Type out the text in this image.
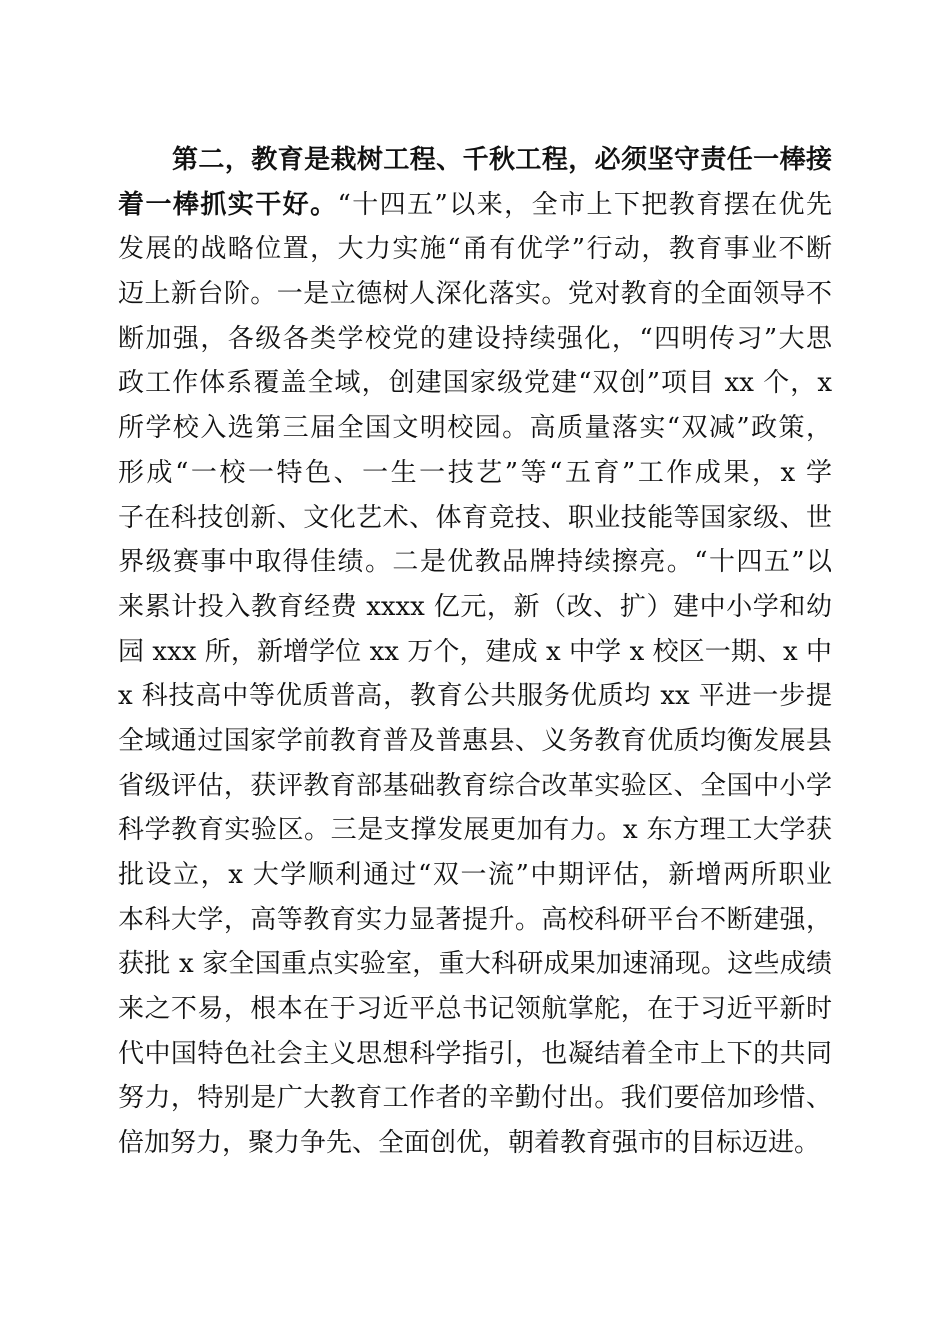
第二，教育是栽树工程、千秋工程，必须坚守责任一棒接
着一棒抓实干好。“十四五”以来，全市上下把教育摆在优先
发展的战略位置，大力实施“甬有优学”行动，教育事业不断
迈上新台阶。一是立德树人深化落实。党对教育的全面领导不
断加强，各级各类学校党的建设持续强化，“四明传习”大思
政工作体系覆盖全域，创建国家级党建“双创”项目 xx 个，x
所学校入选第三届全国文明校园。高质量落实“双减”政策，
形成“一校一特色、一生一技艺”等“五育”工作成果，x 学
子在科技创新、文化艺术、体育竞技、职业技能等国家级、世
界级赛事中取得佳绩。二是优教品牌持续擦亮。“十四五”以
来累计投入教育经费 xxxx 亿元，新（改、扩）建中小学和幼
园 xxx 所，新增学位 xx 万个，建成 x 中学 x 校区一期、x 中
x 科技高中等优质普高，教育公共服务优质均 xx 平进一步提
全域通过国家学前教育普及普惠县、义务教育优质均衡发展县
省级评估，获评教育部基础教育综合改革实验区、全国中小学
科学教育实验区。三是支撑发展更加有力。x 东方理工大学获
批设立，x 大学顺利通过“双一流”中期评估，新增两所职业
本科大学，高等教育实力显著提升。高校科研平台不断建强，
获批 x 家全国重点实验室，重大科研成果加速涌现。这些成绩
来之不易，根本在于习近平总书记领航掌舵，在于习近平新时
代中国特色社会主义思想科学指引，也凝结着全市上下的共同
努力，特别是广大教育工作者的辛勤付出。我们要倍加珍惜、
倍加努力，聚力争先、全面创优，朝着教育强市的目标迈进。
